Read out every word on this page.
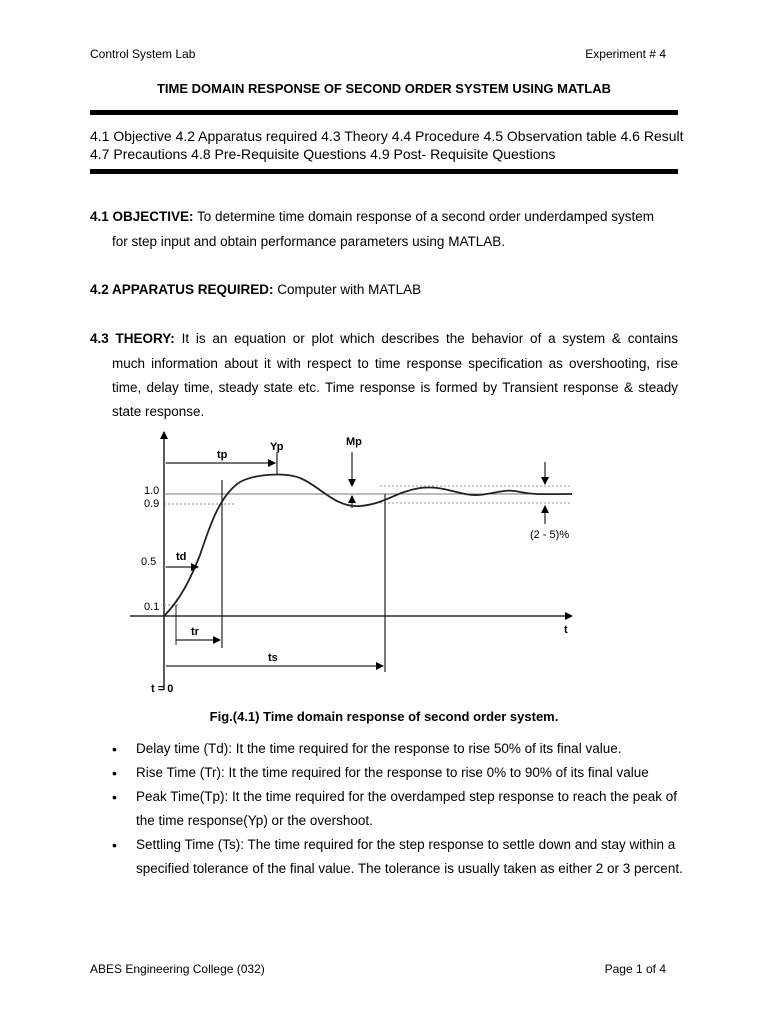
Control System Lab	Experiment # 4
TIME DOMAIN RESPONSE OF SECOND ORDER SYSTEM USING MATLAB
4.1 Objective 4.2 Apparatus required 4.3 Theory 4.4 Procedure 4.5 Observation table 4.6 Result
4.7 Precautions 4.8 Pre-Requisite Questions 4.9 Post- Requisite Questions
4.1 OBJECTIVE: To determine time domain response of a second order underdamped system
for step input and obtain performance parameters using MATLAB.
4.2 APPARATUS REQUIRED: Computer with MATLAB
4.3 THEORY: It is an equation or plot which describes the behavior of a system & contains
much information about it with respect to time response specification as overshooting, rise
time, delay time, steady state etc. Time response is formed by Transient response & steady
state response.
tp
Yp	Mp
1.0
0.9
0.5
0.1
td
tr
ts
t
t = 0
(2 - 5)%
Fig.(4.1) Time domain response of second order system.
• Delay time (Td): It the time required for the response to rise 50% of its final value.
• Rise Time (Tr): It the time required for the response to rise 0% to 90% of its final value
• Peak Time(Tp): It the time required for the overdamped step response to reach the peak of the time response(Yp) or the overshoot.
• Settling Time (Ts): The time required for the step response to settle down and stay within a specified tolerance of the final value. The tolerance is usually taken as either 2 or 3 percent.
ABES Engineering College (032)	Page 1 of 4
